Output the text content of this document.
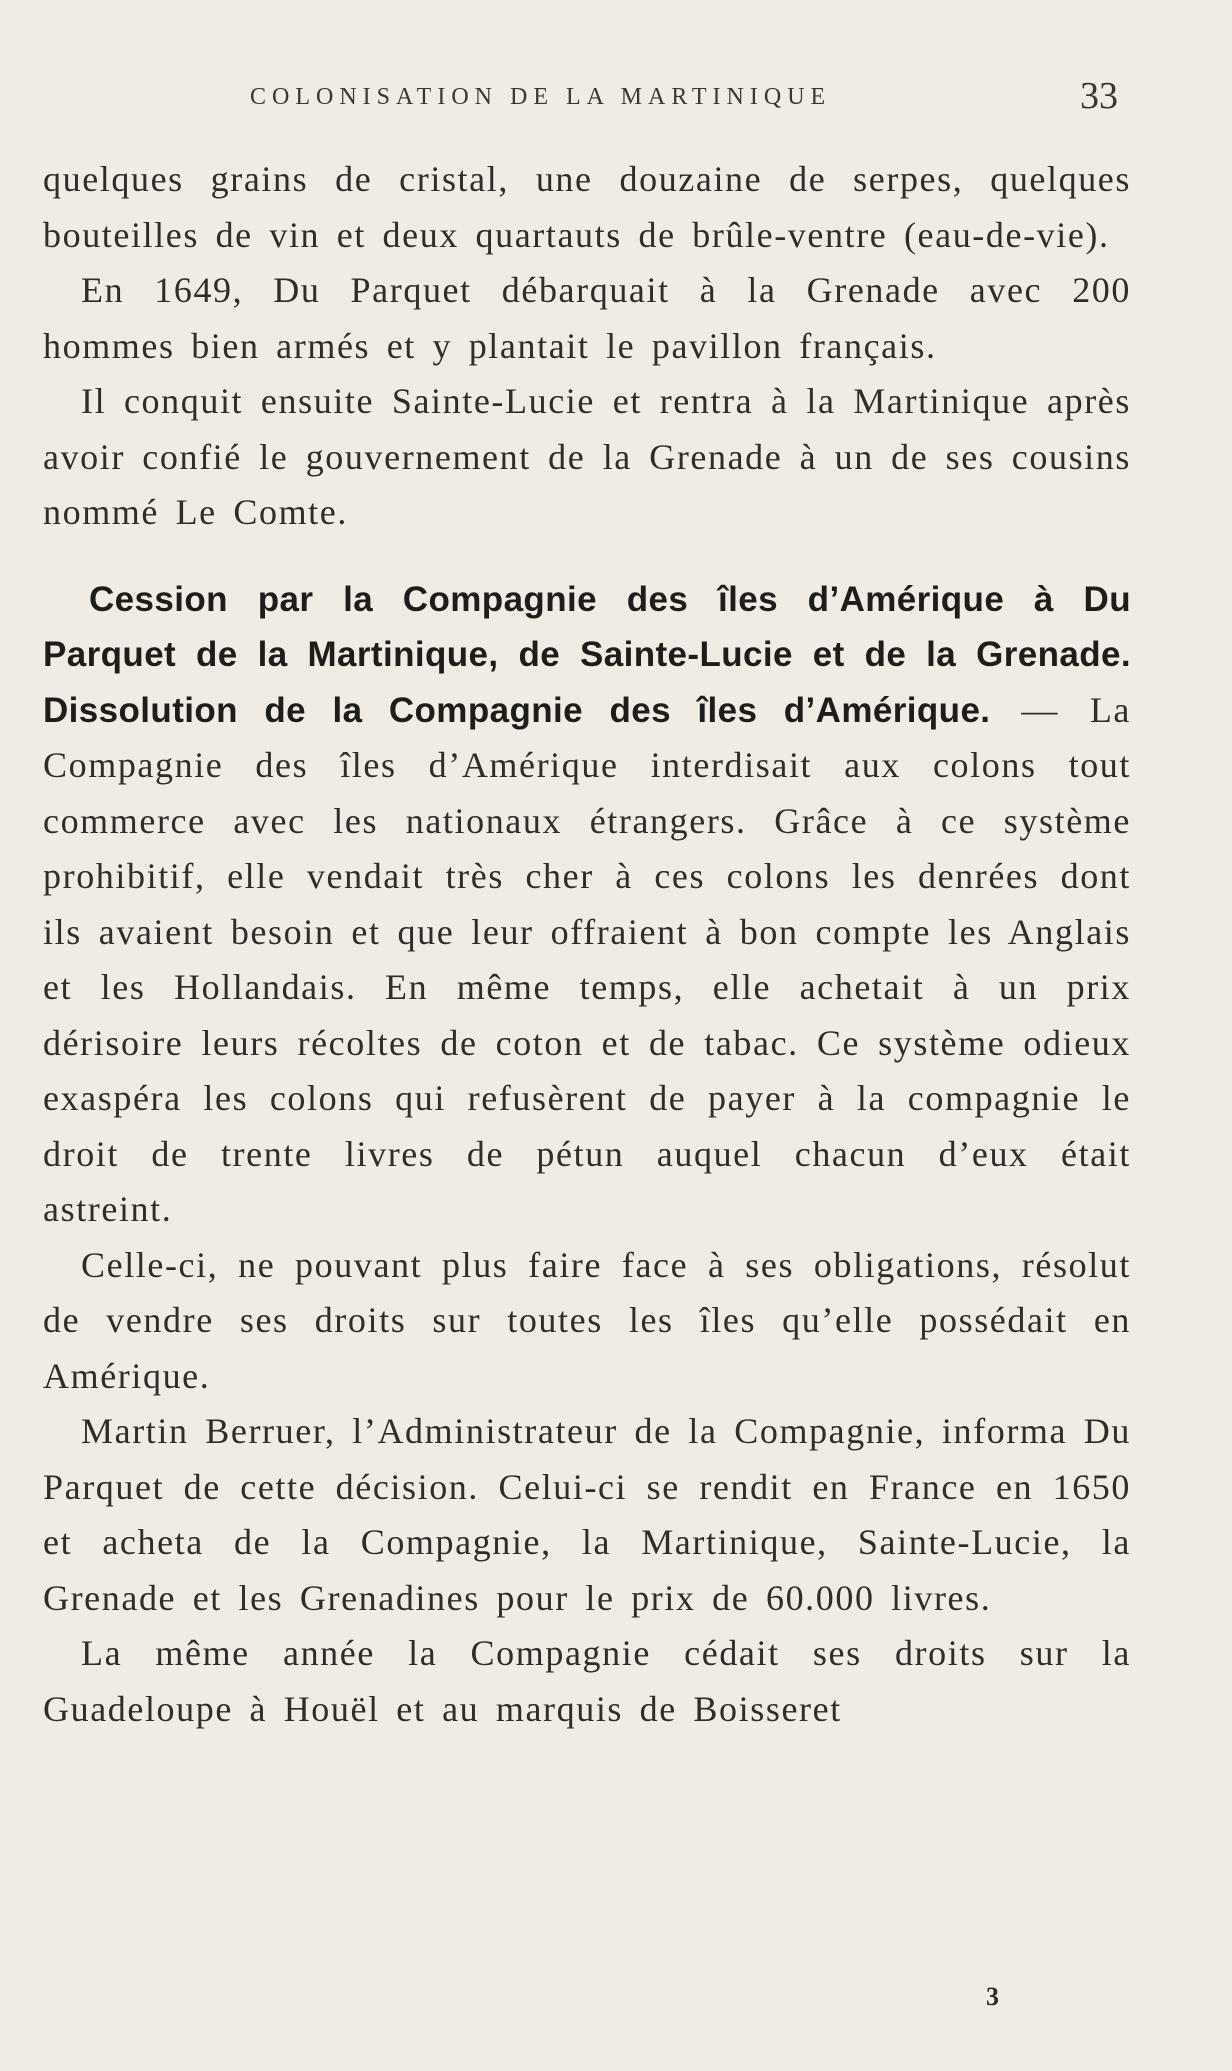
COLONISATION DE LA MARTINIQUE	33

quelques grains de cristal, une douzaine de serpes, quelques bouteilles de vin et deux quartauts de brûle-ventre (eau-de-vie).

En 1649, Du Parquet débarquait à la Grenade avec 200 hommes bien armés et y plantait le pavillon français.

Il conquit ensuite Sainte-Lucie et rentra à la Martinique après avoir confié le gouvernement de la Grenade à un de ses cousins nommé Le Comte.

Cession par la Compagnie des îles d’Amérique à Du Parquet de la Martinique, de Sainte-Lucie et de la Grenade. Dissolution de la Compagnie des îles d’Amérique. — La Compagnie des îles d’Amérique interdisait aux colons tout commerce avec les nationaux étrangers. Grâce à ce système prohibitif, elle vendait très cher à ces colons les denrées dont ils avaient besoin et que leur offraient à bon compte les Anglais et les Hollandais. En même temps, elle achetait à un prix dérisoire leurs récoltes de coton et de tabac. Ce système odieux exaspéra les colons qui refusèrent de payer à la compagnie le droit de trente livres de pétun auquel chacun d’eux était astreint.

Celle-ci, ne pouvant plus faire face à ses obligations, résolut de vendre ses droits sur toutes les îles qu’elle possédait en Amérique.

Martin Berruer, l’Administrateur de la Compagnie, informa Du Parquet de cette décision. Celui-ci se rendit en France en 1650 et acheta de la Compagnie, la Martinique, Sainte-Lucie, la Grenade et les Grenadines pour le prix de 60.000 livres.

La même année la Compagnie cédait ses droits sur la Guadeloupe à Houël et au marquis de Boisseret

3
